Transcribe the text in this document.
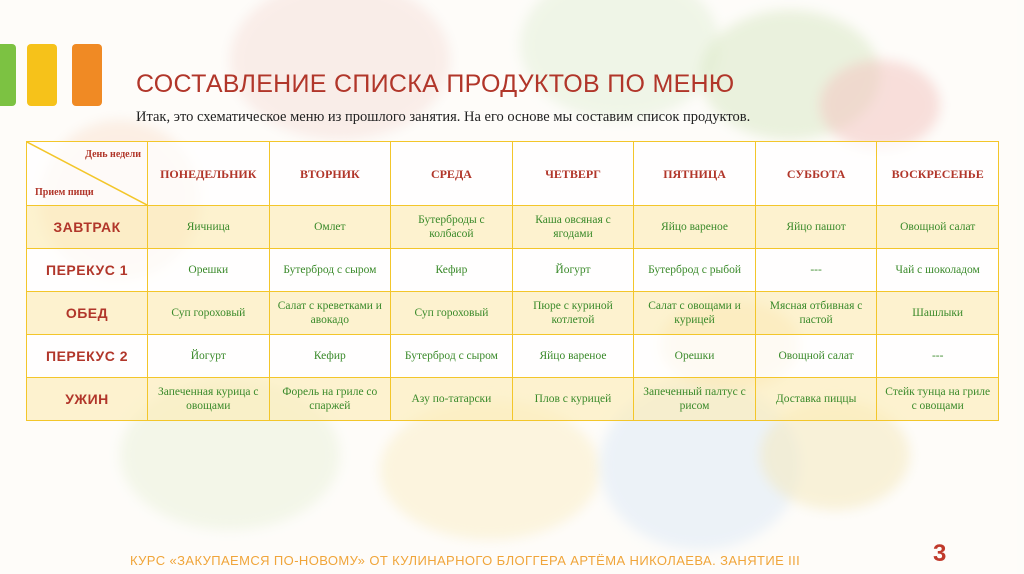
СОСТАВЛЕНИЕ СПИСКА ПРОДУКТОВ ПО МЕНЮ
Итак, это схематическое меню из прошлого занятия. На его основе мы составим список продуктов.
День недели
Прием пищи	ПОНЕДЕЛЬНИК	ВТОРНИК	СРЕДА	ЧЕТВЕРГ	ПЯТНИЦА	СУББОТА	ВОСКРЕСЕНЬЕ
ЗАВТРАК	Яичница	Омлет	Бутерброды с колбасой	Каша овсяная с ягодами	Яйцо вареное	Яйцо пашот	Овощной салат
ПЕРЕКУС 1	Орешки	Бутерброд с сыром	Кефир	Йогурт	Бутерброд с рыбой	---	Чай с шоколадом
ОБЕД	Суп гороховый	Салат с креветками и авокадо	Суп гороховый	Пюре с куриной котлетой	Салат с овощами и курицей	Мясная отбивная с пастой	Шашлыки
ПЕРЕКУС 2	Йогурт	Кефир	Бутерброд с сыром	Яйцо вареное	Орешки	Овощной салат	---
УЖИН	Запеченная курица с овощами	Форель на гриле со спаржей	Азу по-татарски	Плов с курицей	Запеченный палтус с рисом	Доставка пиццы	Стейк тунца на гриле с овощами
КУРС «ЗАКУПАЕМСЯ ПО-НОВОМУ» ОТ КУЛИНАРНОГО БЛОГГЕРА АРТЁМА НИКОЛАЕВА. ЗАНЯТИЕ III	3
